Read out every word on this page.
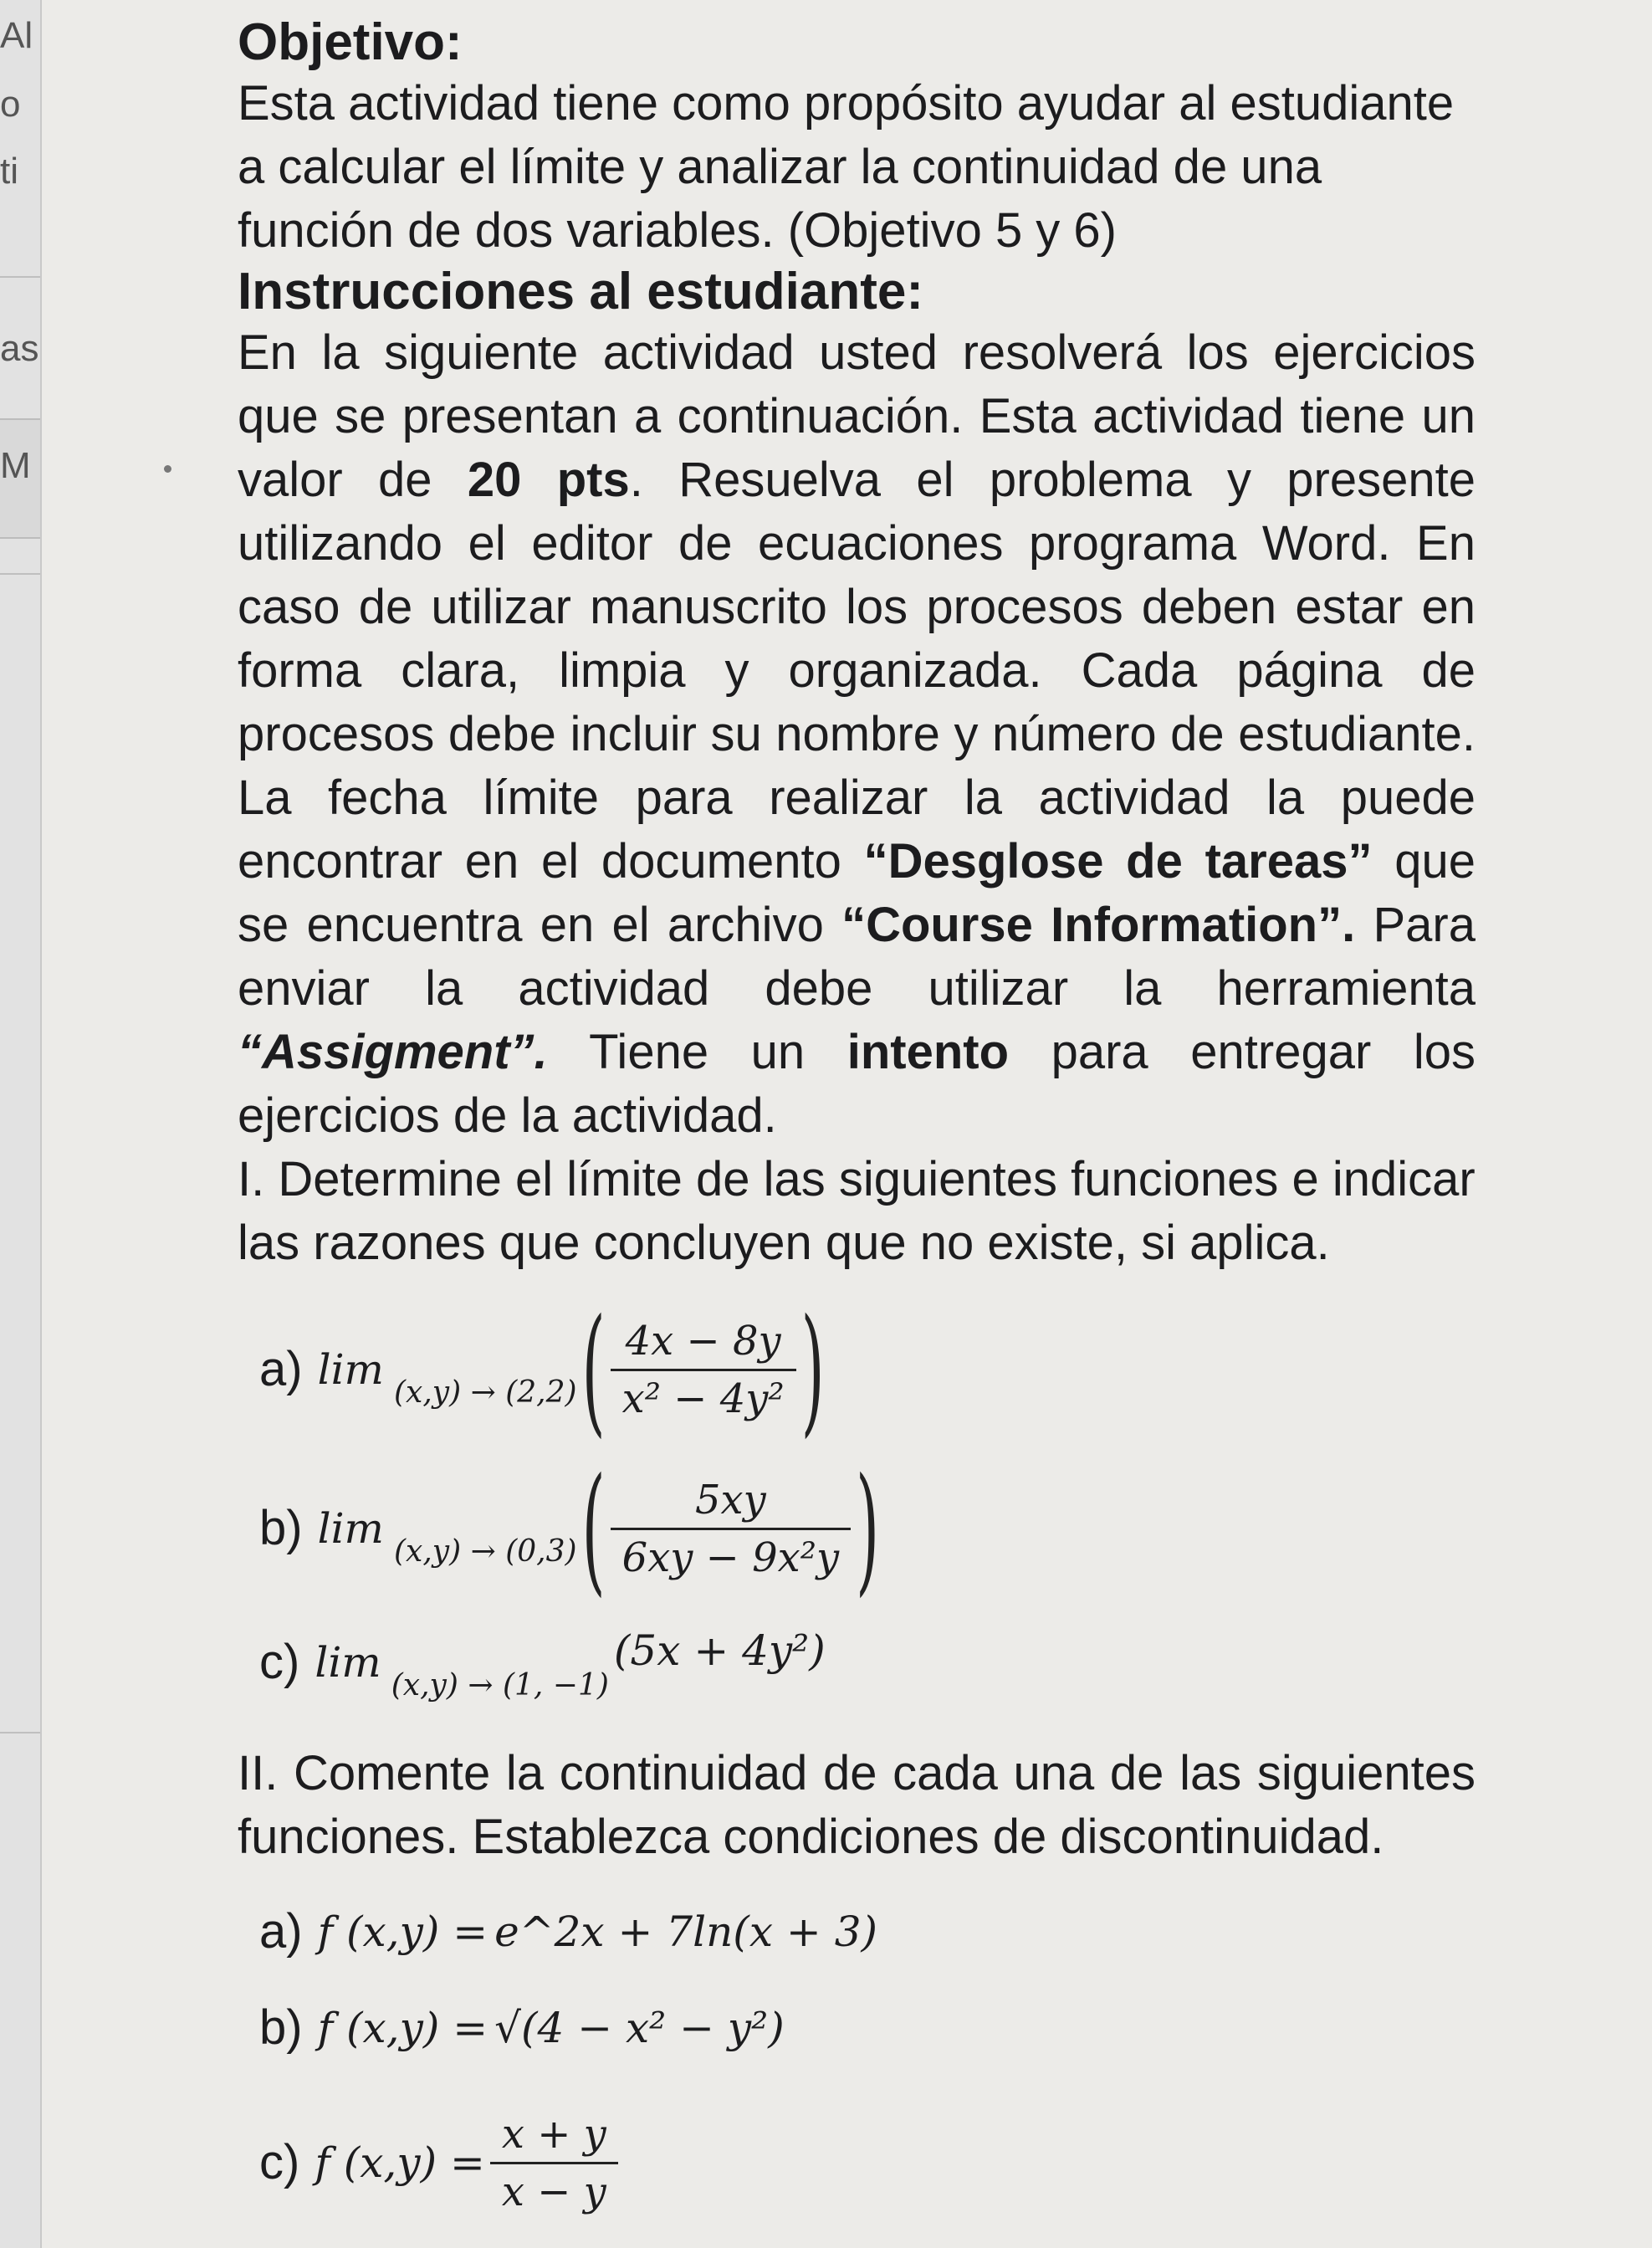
Al
o
ti
as
M

Objetivo:

Esta actividad tiene como propósito ayudar al estudiante a calcular el límite y analizar la continuidad de una función de dos variables. (Objetivo 5 y 6)

Instrucciones al estudiante:

En la siguiente actividad usted resolverá los ejercicios que se presentan a continuación. Esta actividad tiene un valor de 20 pts. Resuelva el problema y presente utilizando el editor de ecuaciones programa Word. En caso de utilizar manuscrito los procesos deben estar en forma clara, limpia y organizada. Cada página de procesos debe incluir su nombre y número de estudiante. La fecha límite para realizar la actividad la puede encontrar en el documento “Desglose de tareas” que se encuentra en el archivo “Course Information”. Para enviar la actividad debe utilizar la herramienta “Assigment”. Tiene un intento para entregar los ejercicios de la actividad.

I. Determine el límite de las siguientes funciones e indicar las razones que concluyen que no existe, si aplica.

a) lim (x,y) → (2,2) ( $\frac{4x - 8y}{\text{x² − 4y²}}$ )
b) lim (x,y) → (0,3) ( $\frac{5xy}{\text{6xy − 9x²y}}$ )
c) lim (x,y) → (1, −1)
(5x + 4y²)

II. Comente la continuidad de cada una de las siguientes funciones. Establezca condiciones de discontinuidad.

a) f (x,y) = e^2x + 7ln(x + 3)
b) f (x,y) = √(4 − x² − y²)
c) f $(x,y) = \frac{x + y}{x - y}$
